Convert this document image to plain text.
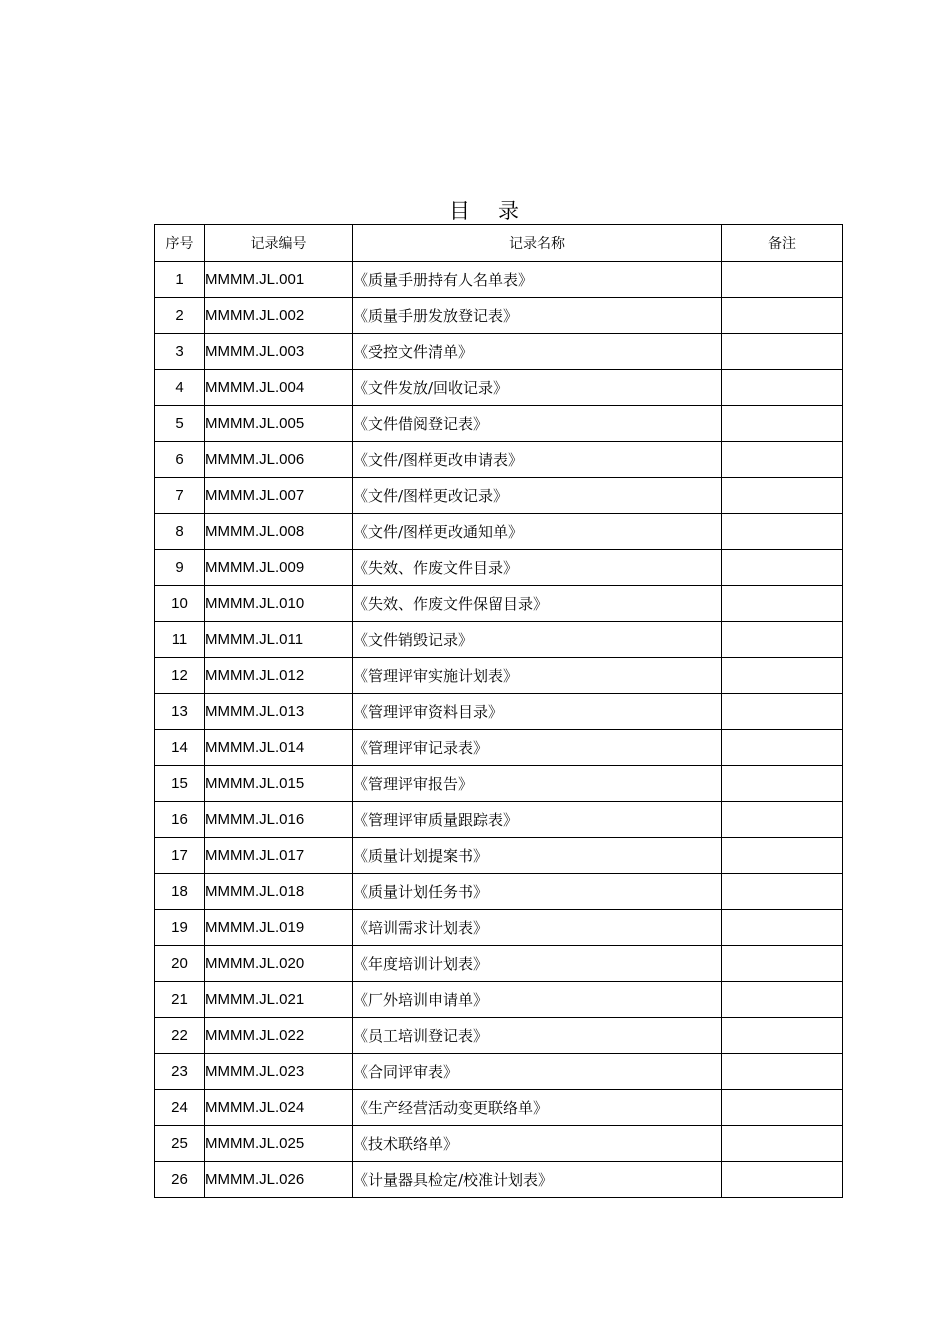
目录
序号	记录编号	记录名称	备注
1	MMMM.JL.001	《质量手册持有人名单表》	
2	MMMM.JL.002	《质量手册发放登记表》	
3	MMMM.JL.003	《受控文件清单》	
4	MMMM.JL.004	《文件发放/回收记录》	
5	MMMM.JL.005	《文件借阅登记表》	
6	MMMM.JL.006	《文件/图样更改申请表》	
7	MMMM.JL.007	《文件/图样更改记录》	
8	MMMM.JL.008	《文件/图样更改通知单》	
9	MMMM.JL.009	《失效、作废文件目录》	
10	MMMM.JL.010	《失效、作废文件保留目录》	
11	MMMM.JL.011	《文件销毁记录》	
12	MMMM.JL.012	《管理评审实施计划表》	
13	MMMM.JL.013	《管理评审资料目录》	
14	MMMM.JL.014	《管理评审记录表》	
15	MMMM.JL.015	《管理评审报告》	
16	MMMM.JL.016	《管理评审质量跟踪表》	
17	MMMM.JL.017	《质量计划提案书》	
18	MMMM.JL.018	《质量计划任务书》	
19	MMMM.JL.019	《培训需求计划表》	
20	MMMM.JL.020	《年度培训计划表》	
21	MMMM.JL.021	《厂外培训申请单》	
22	MMMM.JL.022	《员工培训登记表》	
23	MMMM.JL.023	《合同评审表》	
24	MMMM.JL.024	《生产经营活动变更联络单》	
25	MMMM.JL.025	《技术联络单》	
26	MMMM.JL.026	《计量器具检定/校准计划表》	
